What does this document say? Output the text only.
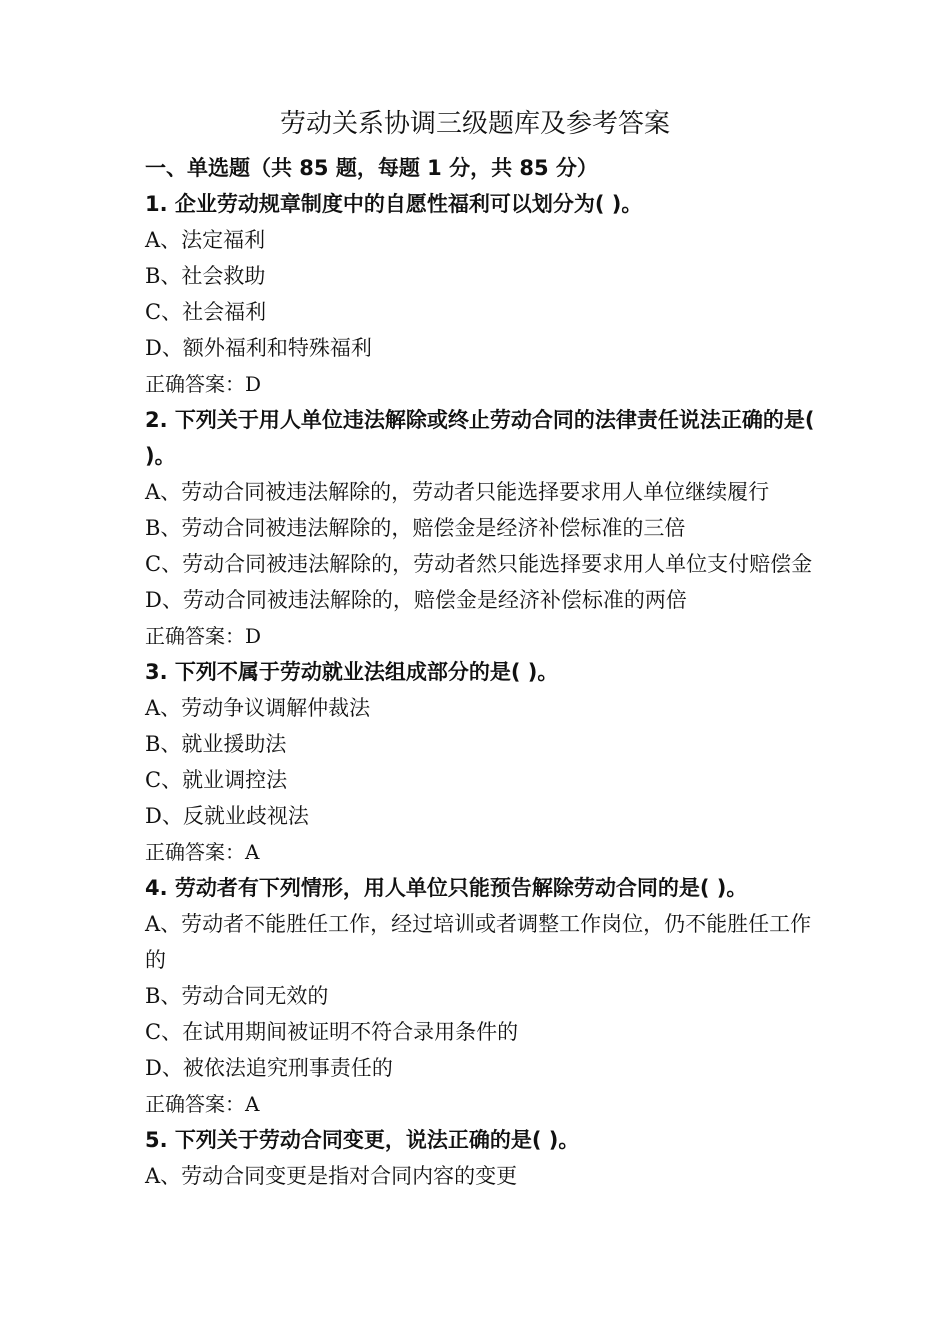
劳动关系协调三级题库及参考答案

一、单选题（共 85 题，每题 1 分，共 85 分）

1. 企业劳动规章制度中的自愿性福利可以划分为( )。

A、法定福利

B、社会救助

C、社会福利

D、额外福利和特殊福利

正确答案：D

2. 下列关于用人单位违法解除或终止劳动合同的法律责任说法正确的是( )。

A、劳动合同被违法解除的，劳动者只能选择要求用人单位继续履行

B、劳动合同被违法解除的，赔偿金是经济补偿标准的三倍

C、劳动合同被违法解除的，劳动者然只能选择要求用人单位支付赔偿金

D、劳动合同被违法解除的，赔偿金是经济补偿标准的两倍

正确答案：D

3. 下列不属于劳动就业法组成部分的是( )。

A、劳动争议调解仲裁法

B、就业援助法

C、就业调控法

D、反就业歧视法

正确答案：A

4. 劳动者有下列情形，用人单位只能预告解除劳动合同的是( )。

A、劳动者不能胜任工作，经过培训或者调整工作岗位，仍不能胜任工作的

B、劳动合同无效的

C、在试用期间被证明不符合录用条件的

D、被依法追究刑事责任的

正确答案：A

5. 下列关于劳动合同变更，说法正确的是( )。

A、劳动合同变更是指对合同内容的变更
